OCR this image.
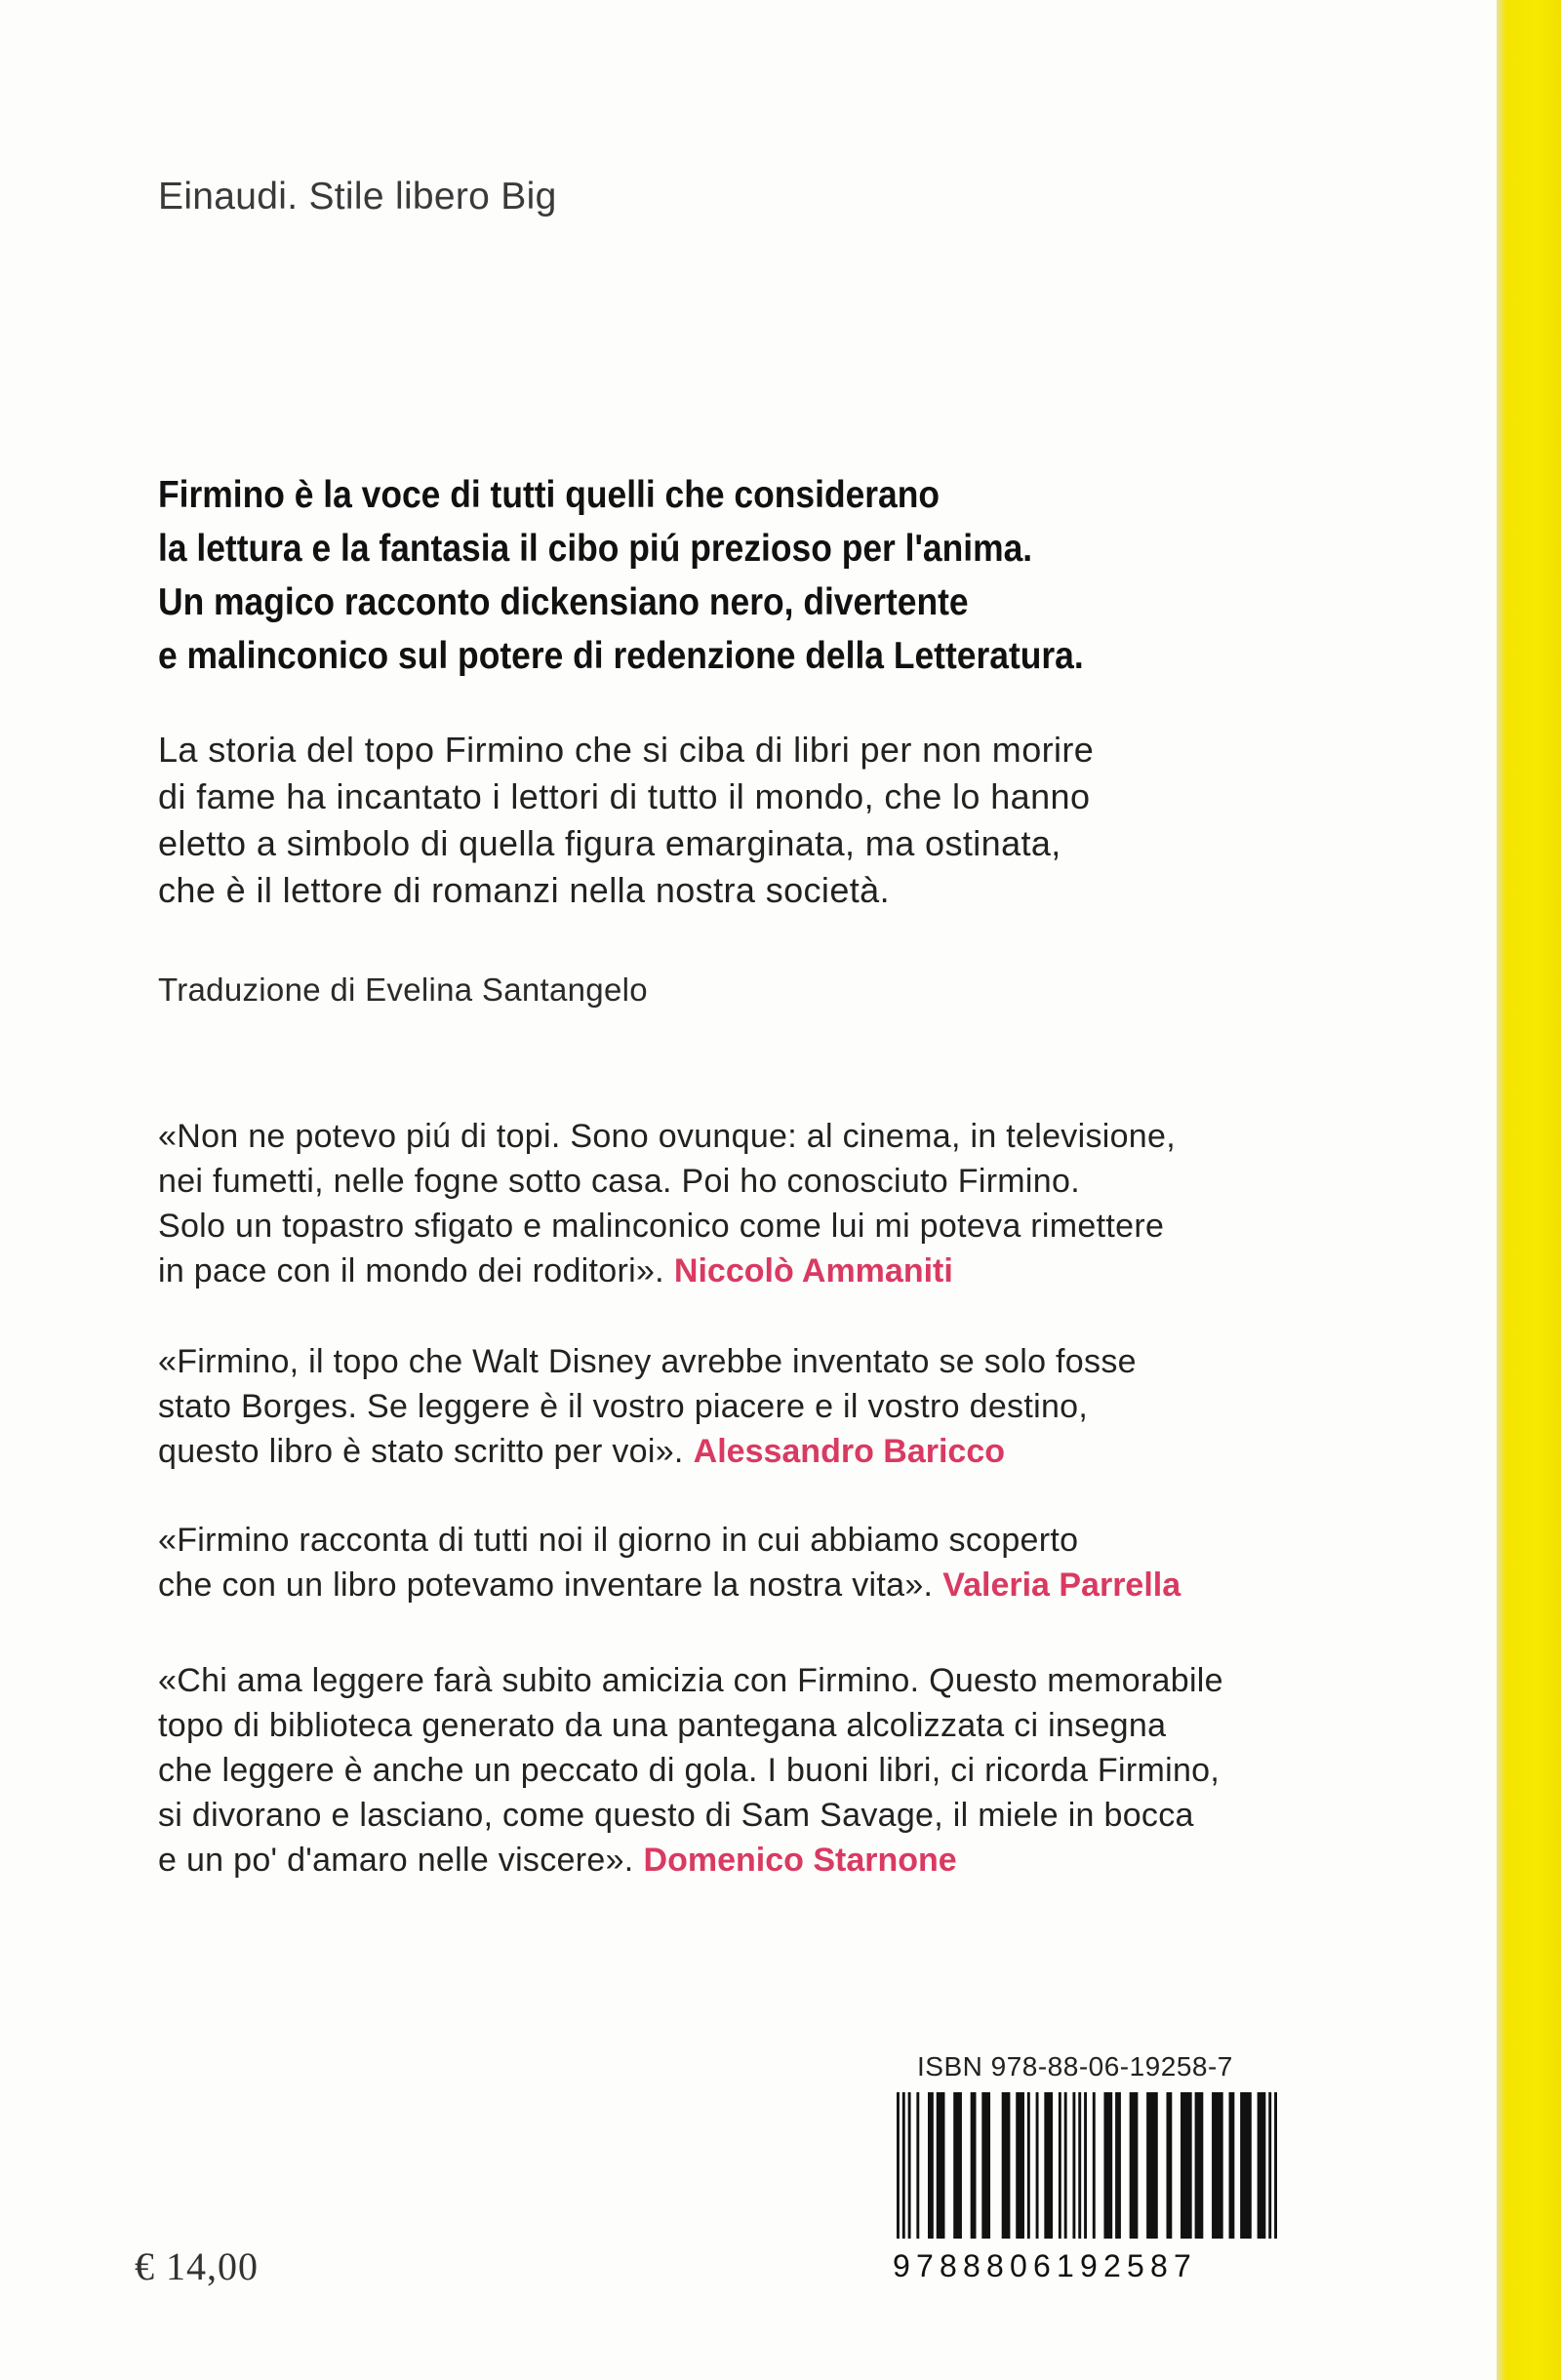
Einaudi. Stile libero Big
Firmino è la voce di tutti quelli che considerano
la lettura e la fantasia il cibo piú prezioso per l'anima.
Un magico racconto dickensiano nero, divertente
e malinconico sul potere di redenzione della Letteratura.
La storia del topo Firmino che si ciba di libri per non morire
di fame ha incantato i lettori di tutto il mondo, che lo hanno
eletto a simbolo di quella figura emarginata, ma ostinata,
che è il lettore di romanzi nella nostra società.
Traduzione di Evelina Santangelo
«Non ne potevo piú di topi. Sono ovunque: al cinema, in televisione,
nei fumetti, nelle fogne sotto casa. Poi ho conosciuto Firmino.
Solo un topastro sfigato e malinconico come lui mi poteva rimettere
in pace con il mondo dei roditori». Niccolò Ammaniti
«Firmino, il topo che Walt Disney avrebbe inventato se solo fosse
stato Borges. Se leggere è il vostro piacere e il vostro destino,
questo libro è stato scritto per voi». Alessandro Baricco
«Firmino racconta di tutti noi il giorno in cui abbiamo scoperto
che con un libro potevamo inventare la nostra vita». Valeria Parrella
«Chi ama leggere farà subito amicizia con Firmino. Questo memorabile
topo di biblioteca generato da una pantegana alcolizzata ci insegna
che leggere è anche un peccato di gola. I buoni libri, ci ricorda Firmino,
si divorano e lasciano, come questo di Sam Savage, il miele in bocca
e un po' d'amaro nelle viscere». Domenico Starnone
ISBN 978-88-06-19258-7
9788806192587
€ 14,00
